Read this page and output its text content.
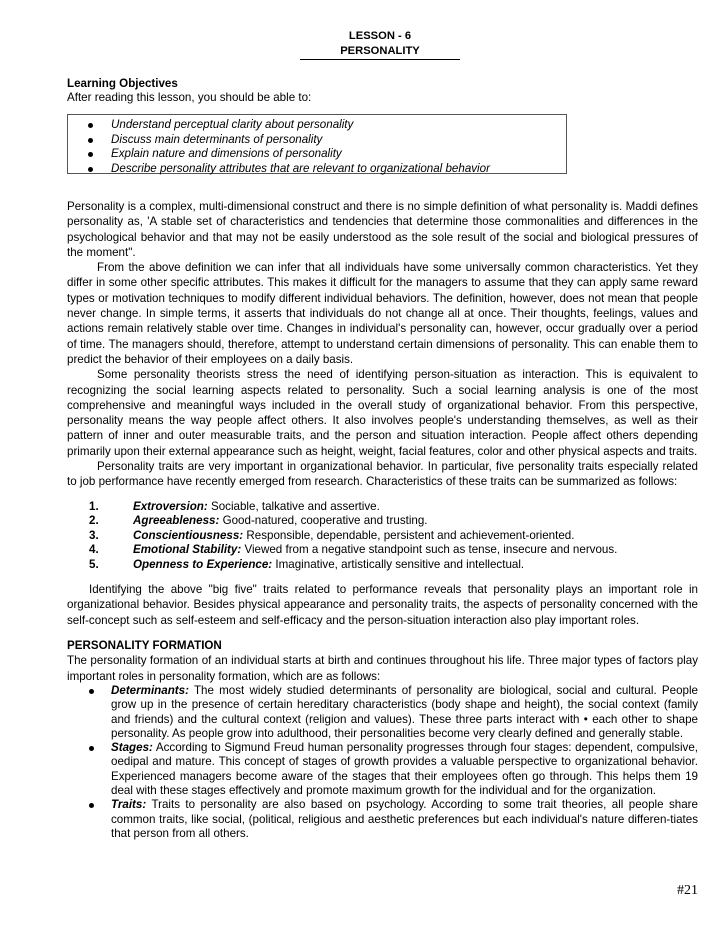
LESSON - 6
PERSONALITY
Learning Objectives
After reading this lesson, you should be able to:
Understand perceptual clarity about personality
Discuss main determinants of personality
Explain nature and dimensions of personality
Describe personality attributes that are relevant to organizational behavior

Personality is a complex, multi-dimensional construct and there is no simple definition of what personality is. Maddi defines personality as, 'A stable set of characteristics and tendencies that determine those commonalities and differences in the psychological behavior and that may not be easily understood as the sole result of the social and biological pressures of the moment".

From the above definition we can infer that all individuals have some universally common characteristics. Yet they differ in some other specific attributes. This makes it difficult for the managers to assume that they can apply same reward types or motivation techniques to modify different individual behaviors. The definition, however, does not mean that people never change. In simple terms, it asserts that individuals do not change all at once. Their thoughts, feelings, values and actions remain relatively stable over time. Changes in individual's personality can, however, occur gradually over a period of time. The managers should, therefore, attempt to understand certain dimensions of personality. This can enable them to predict the behavior of their employees on a daily basis.

Some personality theorists stress the need of identifying person-situation as interaction. This is equivalent to recognizing the social learning aspects related to personality. Such a social learning analysis is one of the most comprehensive and meaningful ways included in the overall study of organizational behavior. From this perspective, personality means the way people affect others. It also involves people's understanding themselves, as well as their pattern of inner and outer measurable traits, and the person and situation interaction. People affect others depending primarily upon their external appearance such as height, weight, facial features, color and other physical aspects and traits.

Personality traits are very important in organizational behavior. In particular, five personality traits especially related to job performance have recently emerged from research. Characteristics of these traits can be summarized as follows:

1.	Extroversion: Sociable, talkative and assertive.
2.	Agreeableness: Good-natured, cooperative and trusting.
3.	Conscientiousness: Responsible, dependable, persistent and achievement-oriented.
4.	Emotional Stability: Viewed from a negative standpoint such as tense, insecure and nervous.
5.	Openness to Experience: Imaginative, artistically sensitive and intellectual.

Identifying the above "big five" traits related to performance reveals that personality plays an important role in organizational behavior. Besides physical appearance and personality traits, the aspects of personality concerned with the self-concept such as self-esteem and self-efficacy and the person-situation interaction also play important roles.

PERSONALITY FORMATION

The personality formation of an individual starts at birth and continues throughout his life. Three major types of factors play important roles in personality formation, which are as follows:

Determinants: The most widely studied determinants of personality are biological, social and cultural. People grow up in the presence of certain hereditary characteristics (body shape and height), the social context (family and friends) and the cultural context (religion and values). These three parts interact with • each other to shape personality. As people grow into adulthood, their personalities become very clearly defined and generally stable.
Stages: According to Sigmund Freud human personality progresses through four stages: dependent, compulsive, oedipal and mature. This concept of stages of growth provides a valuable perspective to organizational behavior. Experienced managers become aware of the stages that their employees often go through. This helps them 19 deal with these stages effectively and promote maximum growth for the individual and for the organization.
Traits: Traits to personality are also based on psychology. According to some trait theories, all people share common traits, like social, (political, religious and aesthetic preferences but each individual's nature differen-tiates that person from all others.
#21
